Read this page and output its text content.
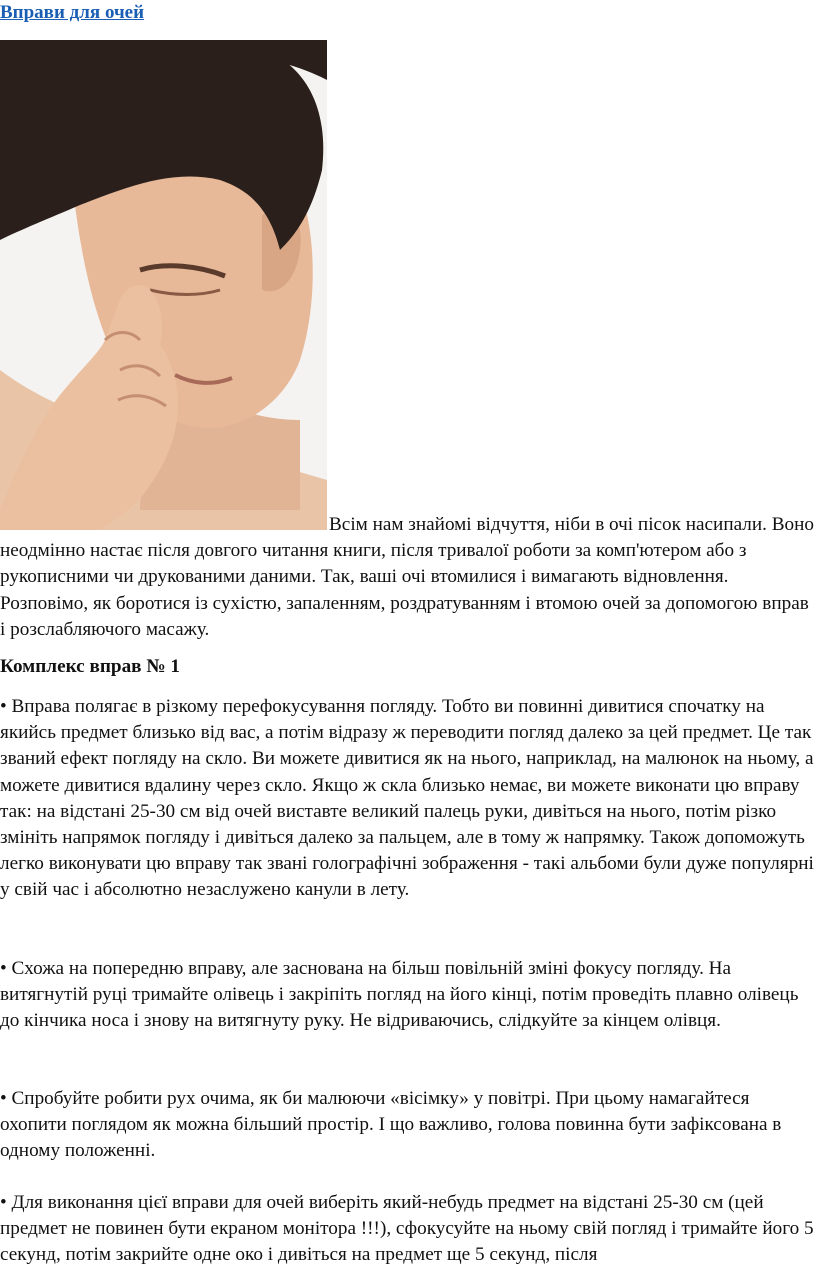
Вправи для очей

Всім нам знайомі відчуття, ніби в очі пісок насипали. Воно неодмінно настає після довгого читання книги, після тривалої роботи за комп'ютером або з рукописними чи друкованими даними. Так, ваші очі втомилися і вимагають відновлення. Розповімо, як боротися із сухістю, запаленням, роздратуванням і втомою очей за допомогою вправ і розслабляючого масажу.

Комплекс вправ № 1

• Вправа полягає в різкому перефокусування погляду. Тобто ви повинні дивитися спочатку на якийсь предмет близько від вас, а потім відразу ж переводити погляд далеко за цей предмет. Це так званий ефект погляду на скло. Ви можете дивитися як на нього, наприклад, на малюнок на ньому, а можете дивитися вдалину через скло. Якщо ж скла близько немає, ви можете виконати цю вправу так: на відстані 25-30 см від очей виставте великий палець руки, дивіться на нього, потім різко змініть напрямок погляду і дивіться далеко за пальцем, але в тому ж напрямку. Також допоможуть легко виконувати цю вправу так звані голографічні зображення - такі альбоми були дуже популярні у свій час і абсолютно незаслужено канули в лету.

• Схожа на попередню вправу, але заснована на більш повільній зміні фокусу погляду. На витягнутій руці тримайте олівець і закріпіть погляд на його кінці, потім проведіть плавно олівець до кінчика носа і знову на витягнуту руку. Не відриваючись, слідкуйте за кінцем олівця.

• Спробуйте робити рух очима, як би малюючи «вісімку» у повітрі. При цьому намагайтеся охопити поглядом як можна більший простір. І що важливо, голова повинна бути зафіксована в одному положенні.

• Для виконання цієї вправи для очей виберіть який-небудь предмет на відстані 25-30 см (цей предмет не повинен бути екраном монітора !!!), сфокусуйте на ньому свій погляд і тримайте його 5 секунд, потім закрийте одне око і дивіться на предмет ще 5 секунд, після
